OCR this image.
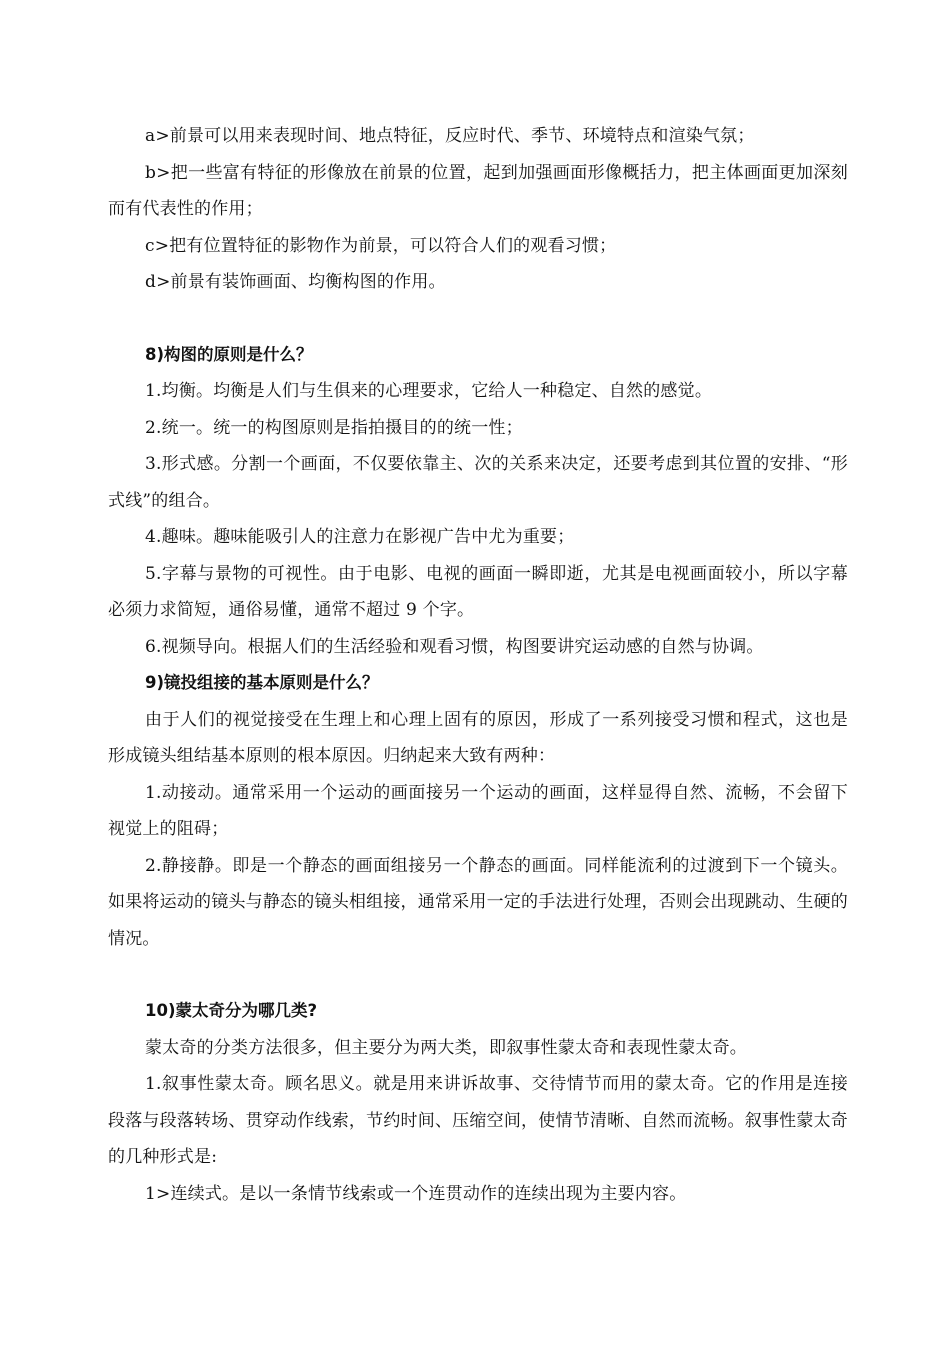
a>前景可以用来表现时间、地点特征，反应时代、季节、环境特点和渲染气氛；

b>把一些富有特征的形像放在前景的位置，起到加强画面形像概括力，把主体画面更加深刻而有代表性的作用；

c>把有位置特征的影物作为前景，可以符合人们的观看习惯；

d>前景有装饰画面、均衡构图的作用。

8)构图的原则是什么？

1.均衡。均衡是人们与生俱来的心理要求，它给人一种稳定、自然的感觉。

2.统一。统一的构图原则是指拍摄目的的统一性；

3.形式感。分割一个画面，不仅要依靠主、次的关系来决定，还要考虑到其位置的安排、“形式线”的组合。

4.趣味。趣味能吸引人的注意力在影视广告中尤为重要；

5.字幕与景物的可视性。由于电影、电视的画面一瞬即逝，尤其是电视画面较小，所以字幕必须力求简短，通俗易懂，通常不超过 9 个字。

6.视频导向。根据人们的生活经验和观看习惯，构图要讲究运动感的自然与协调。

9)镜投组接的基本原则是什么？

由于人们的视觉接受在生理上和心理上固有的原因，形成了一系列接受习惯和程式，这也是形成镜头组结基本原则的根本原因。归纳起来大致有两种：

1.动接动。通常采用一个运动的画面接另一个运动的画面，这样显得自然、流畅，不会留下视觉上的阻碍；

2.静接静。即是一个静态的画面组接另一个静态的画面。同样能流利的过渡到下一个镜头。如果将运动的镜头与静态的镜头相组接，通常采用一定的手法进行处理，否则会出现跳动、生硬的情况。

10)蒙太奇分为哪几类?

蒙太奇的分类方法很多，但主要分为两大类，即叙事性蒙太奇和表现性蒙太奇。

1.叙事性蒙太奇。顾名思义。就是用来讲诉故事、交待情节而用的蒙太奇。它的作用是连接段落与段落转场、贯穿动作线索，节约时间、压缩空间，使情节清晰、自然而流畅。叙事性蒙太奇的几种形式是:

1>连续式。是以一条情节线索或一个连贯动作的连续出现为主要内容。
